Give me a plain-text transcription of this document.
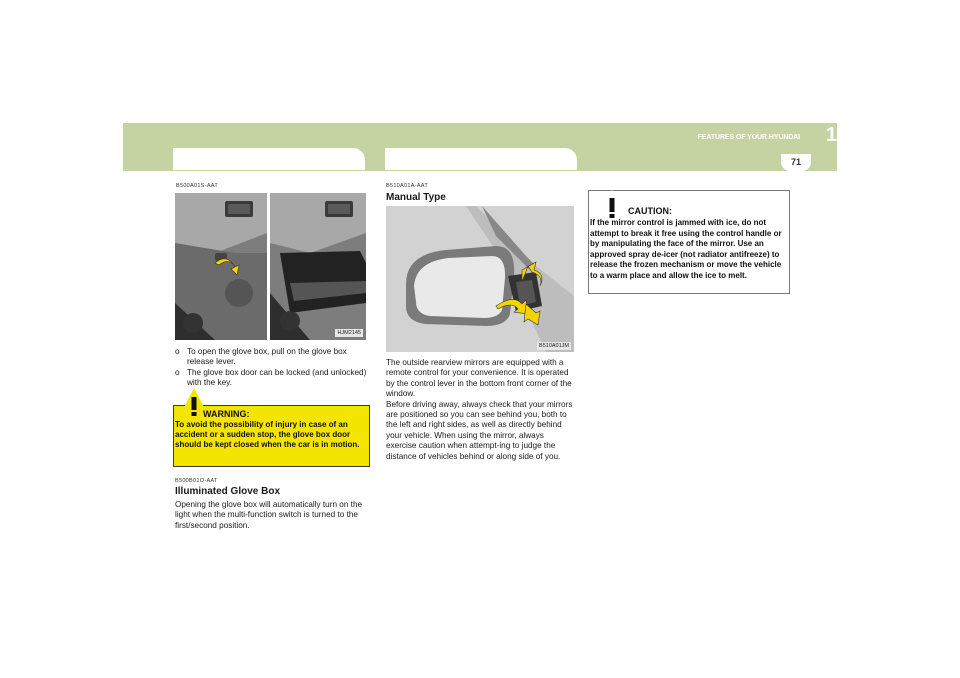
FEATURES OF YOUR HYUNDAI 1
71
GLOVE BOX	OUTSIDE REARVIEW MIRROR
B500A01S-AAT
HJM2145
o To open the glove box, pull on the glove box release lever.
o The glove box door can be locked (and unlocked) with the key.
WARNING:
To avoid the possibility of injury in case of an accident or a sudden stop, the glove box door should be kept closed when the car is in motion.
B500B01O-AAT
Illuminated Glove Box
Opening the glove box will automatically turn on the light when the multi-function switch is turned to the first/second position.
B510A01A-AAT
Manual Type
B510A01JM
The outside rearview mirrors are equipped with a remote control for your convenience. It is operated by the control lever in the bottom front corner of the window.
Before driving away, always check that your mirrors are positioned so you can see behind you, both to the left and right sides, as well as directly behind your vehicle. When using the mirror, always exercise caution when attempt-ing to judge the distance of vehicles behind or along side of you.
CAUTION:
If the mirror control is jammed with ice, do not attempt to break it free using the control handle or by manipulating the face of the mirror. Use an approved spray de-icer (not radiator antifreeze) to release the frozen mechanism or move the vehicle to a warm place and allow the ice to melt.
